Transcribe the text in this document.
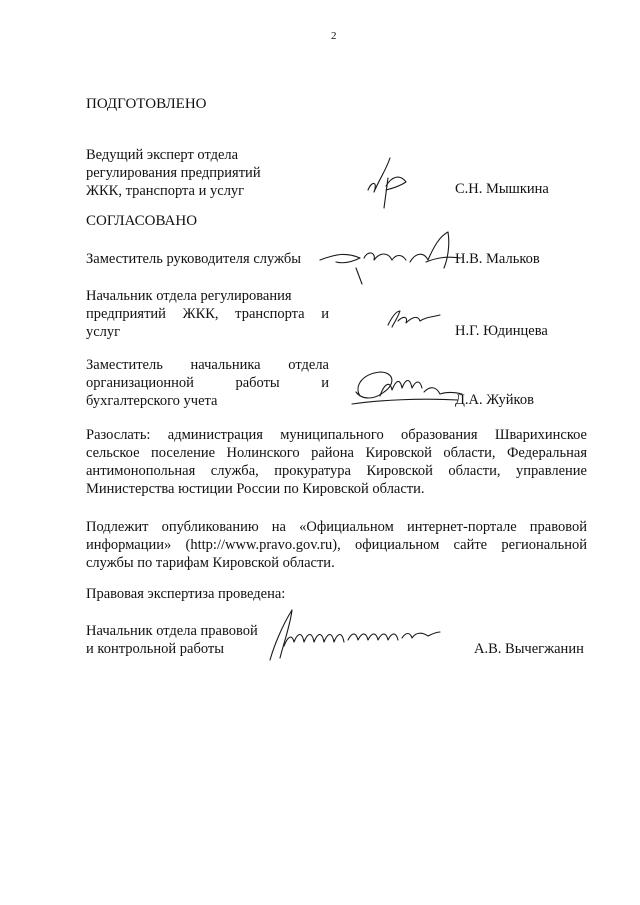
2
ПОДГОТОВЛЕНО
Ведущий эксперт отдела
регулирования предприятий
ЖКК, транспорта и услуг	С.Н. Мышкина
СОГЛАСОВАНО
Заместитель руководителя службы	Н.В. Мальков
Начальник отдела регулирования
предприятий ЖКК, транспорта и
услуг	Н.Г. Юдинцева
Заместитель начальника отдела
организационной работы и
бухгалтерского учета	Д.А. Жуйков
Разослать: администрация муниципального образования Шварихинское
сельское поселение Нолинского района Кировской области, Федеральная
антимонопольная служба, прокуратура Кировской области, управление
Министерства юстиции России по Кировской области.
Подлежит опубликованию на «Официальном интернет-портале правовой
информации» (http://www.pravo.gov.ru), официальном сайте региональной
службы по тарифам Кировской области.
Правовая экспертиза проведена:
Начальник отдела правовой
и контрольной работы	А.В. Вычегжанин
